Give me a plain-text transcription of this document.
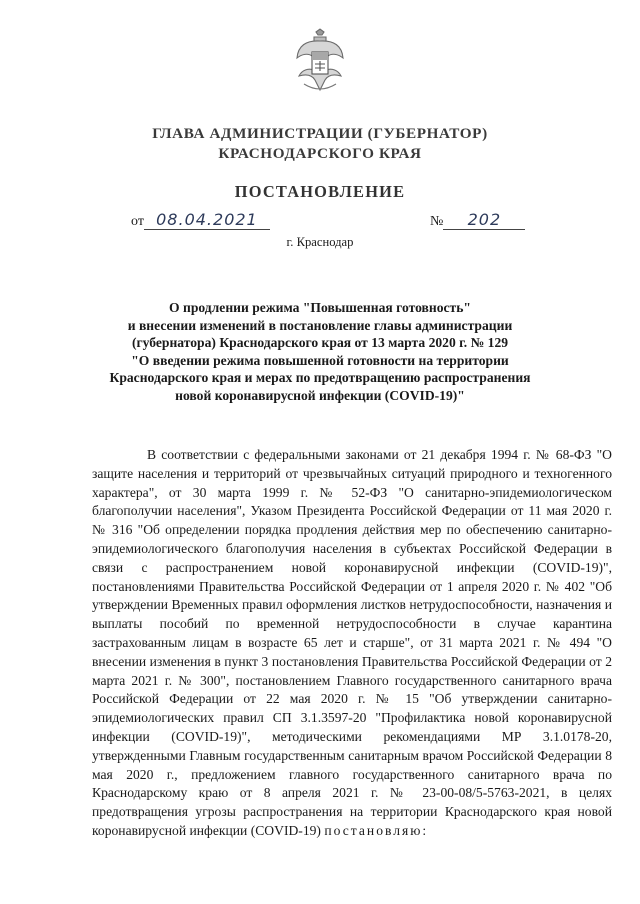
ГЛАВА АДМИНИСТРАЦИИ (ГУБЕРНАТОР)
КРАСНОДАРСКОГО КРАЯ
ПОСТАНОВЛЕНИЕ
от 08.04.2021	№ 202
г. Краснодар
О продлении режима "Повышенная готовность"
и внесении изменений в постановление главы администрации
(губернатора) Краснодарского края от 13 марта 2020 г. № 129
"О введении режима повышенной готовности на территории
Краснодарского края и мерах по предотвращению распространения
новой коронавирусной инфекции (COVID-19)"

В соответствии с федеральными законами от 21 декабря 1994 г. № 68-ФЗ "О защите населения и территорий от чрезвычайных ситуаций природного и техногенного характера", от 30 марта 1999 г. № 52-ФЗ "О санитарно-эпидемиологическом благополучии населения", Указом Президента Российской Федерации от 11 мая 2020 г. № 316 "Об определении порядка продления действия мер по обеспечению санитарно-эпидемиологического благополучия населения в субъектах Российской Федерации в связи с распространением новой коронавирусной инфекции (COVID-19)", постановлениями Правительства Российской Федерации от 1 апреля 2020 г. № 402 "Об утверждении Временных правил оформления листков нетрудоспособности, назначения и выплаты пособий по временной нетрудоспособности в случае карантина застрахованным лицам в возрасте 65 лет и старше", от 31 марта 2021 г. № 494 "О внесении изменения в пункт 3 постановления Правительства Российской Федерации от 2 марта 2021 г. № 300", постановлением Главного государственного санитарного врача Российской Федерации от 22 мая 2020 г. № 15 "Об утверждении санитарно-эпидемиологических правил СП 3.1.3597-20 "Профилактика новой коронавирусной инфекции (COVID-19)", методическими рекомендациями МР 3.1.0178-20, утвержденными Главным государственным санитарным врачом Российской Федерации 8 мая 2020 г., предложением главного государственного санитарного врача по Краснодарскому краю от 8 апреля 2021 г. № 23-00-08/5-5763-2021, в целях предотвращения угрозы распространения на территории Краснодарского края новой коронавирусной инфекции (COVID-19) постановляю:
